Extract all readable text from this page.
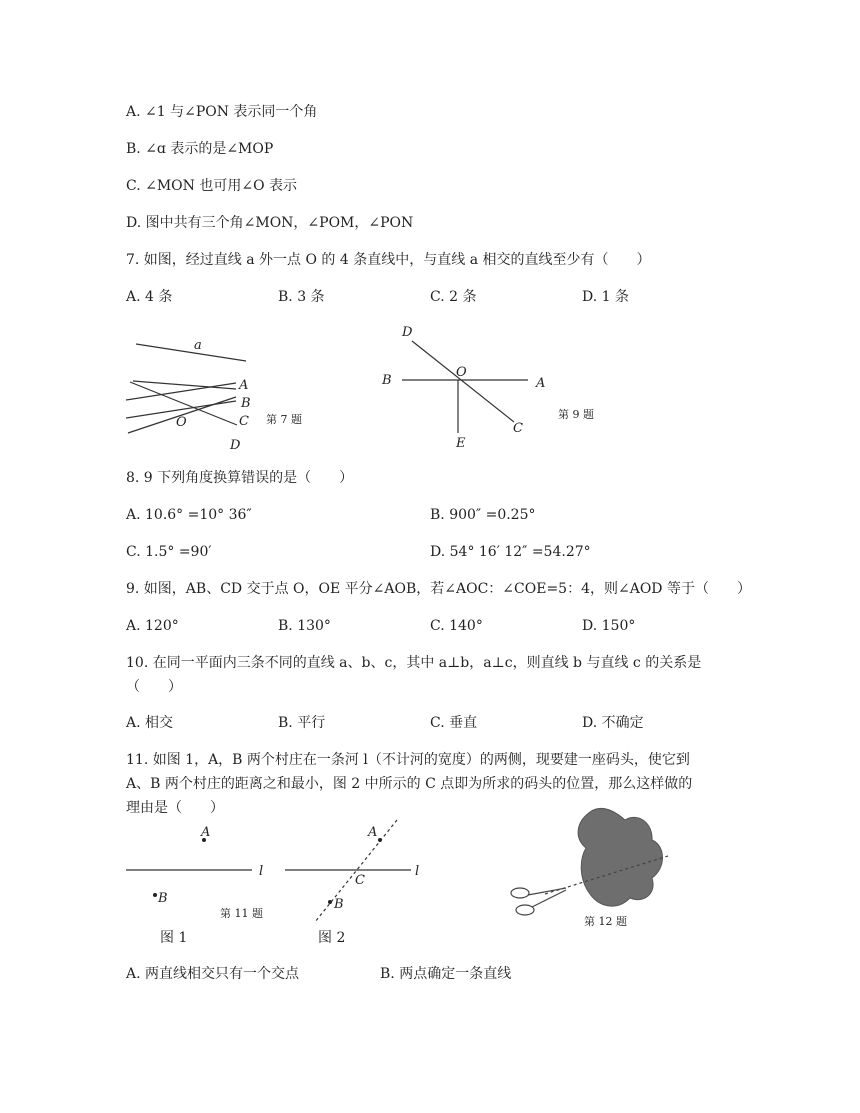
A. ∠1 与∠PON 表示同一个角
B. ∠ɑ 表示的是∠MOP
C. ∠MON 也可用∠O 表示
D. 图中共有三个角∠MON，∠POM，∠PON
7. 如图，经过直线 a 外一点 O 的 4 条直线中，与直线 a 相交的直线至少有（　　）
A. 4 条	B. 3 条	C. 2 条	D. 1 条
a
A
B
C
D
O	第 7 题
D
O
B	A
E
C
第 9 题
8. 9 下列角度换算错误的是（　　）
A. 10.6° =10° 36″	B. 900″ =0.25°
C. 1.5° =90′	D. 54° 16′ 12″ =54.27°
9. 如图，AB、CD 交于点 O，OE 平分∠AOB，若∠AOC：∠COE=5：4，则∠AOD 等于（　　）
A. 120°	B. 130°	C. 140°	D. 150°
10. 在同一平面内三条不同的直线 a、b、c，其中 a⊥b，a⊥c，则直线 b 与直线 c 的关系是
（　　）
A. 相交	B. 平行	C. 垂直	D. 不确定
11. 如图 1，A，B 两个村庄在一条河 l（不计河的宽度）的两侧，现要建一座码头，使它到
A、B 两个村庄的距离之和最小，图 2 中所示的 C 点即为所求的码头的位置，那么这样做的
理由是（　　）
A
B
l
A
C
B
l
第 11 题
图 1	图 2
第 12 题
A. 两直线相交只有一个交点	B. 两点确定一条直线
